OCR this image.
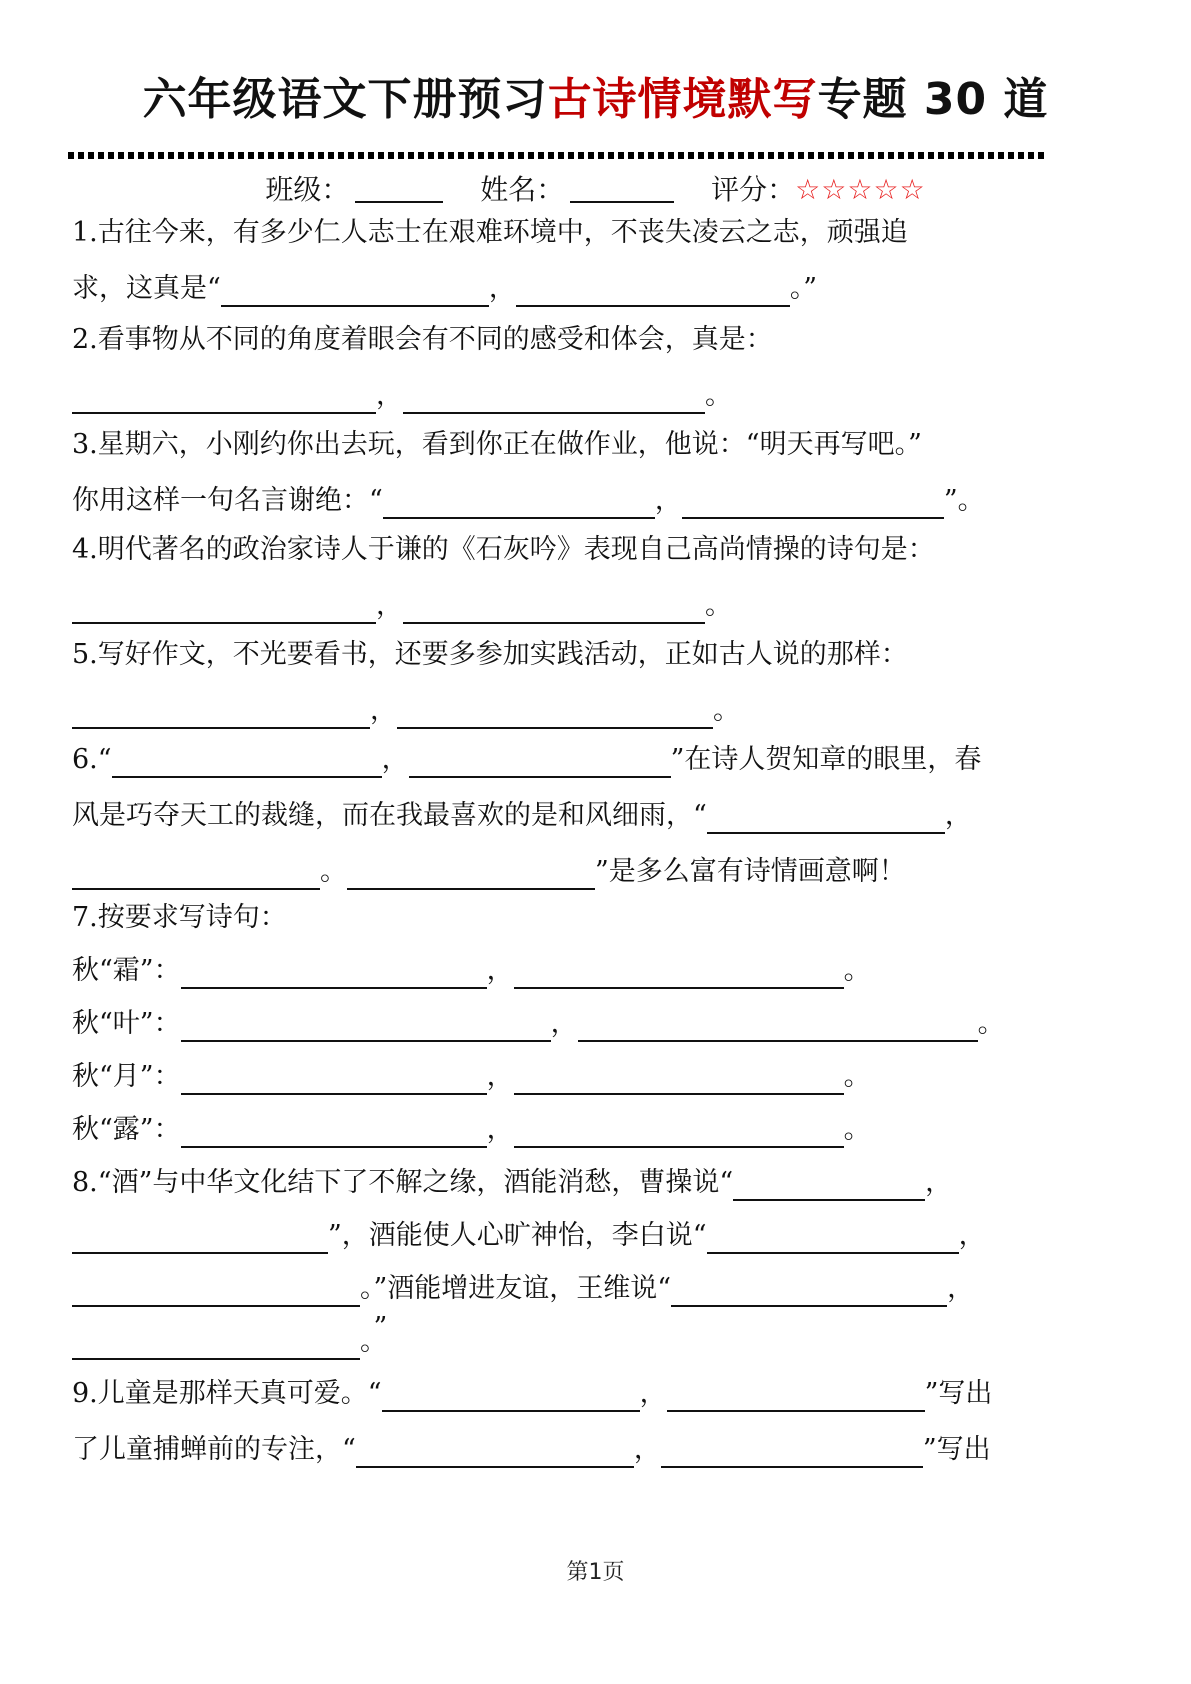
六年级语文下册预习古诗情境默写专题 30 道
班级：	姓名：	评分：☆☆☆☆☆
1.古往今来，有多少仁人志士在艰难环境中，不丧失凌云之志，顽强追
求，这真是“	，	。”
2.看事物从不同的角度着眼会有不同的感受和体会，真是：
，	。
3.星期六，小刚约你出去玩，看到你正在做作业，他说：“明天再写吧。”
你用这样一句名言谢绝：“	，	”。
4.明代著名的政治家诗人于谦的《石灰吟》表现自己高尚情操的诗句是：
，	。
5.写好作文，不光要看书，还要多参加实践活动，正如古人说的那样：
，	。
6.“	，	”在诗人贺知章的眼里，春
风是巧夺天工的裁缝，而在我最喜欢的是和风细雨，“	，
。	”是多么富有诗情画意啊！
7.按要求写诗句：
秋“霜”：	，	。
秋“叶”：	，	。
秋“月”：	，	。
秋“露”：	，	。
8.“酒”与中华文化结下了不解之缘，酒能消愁，曹操说“	，
”，酒能使人心旷神怡，李白说“	，
。”酒能增进友谊，王维说“	，
。”
9.儿童是那样天真可爱。“	，	”写出
了儿童捕蝉前的专注，“	，	”写出
第1页
